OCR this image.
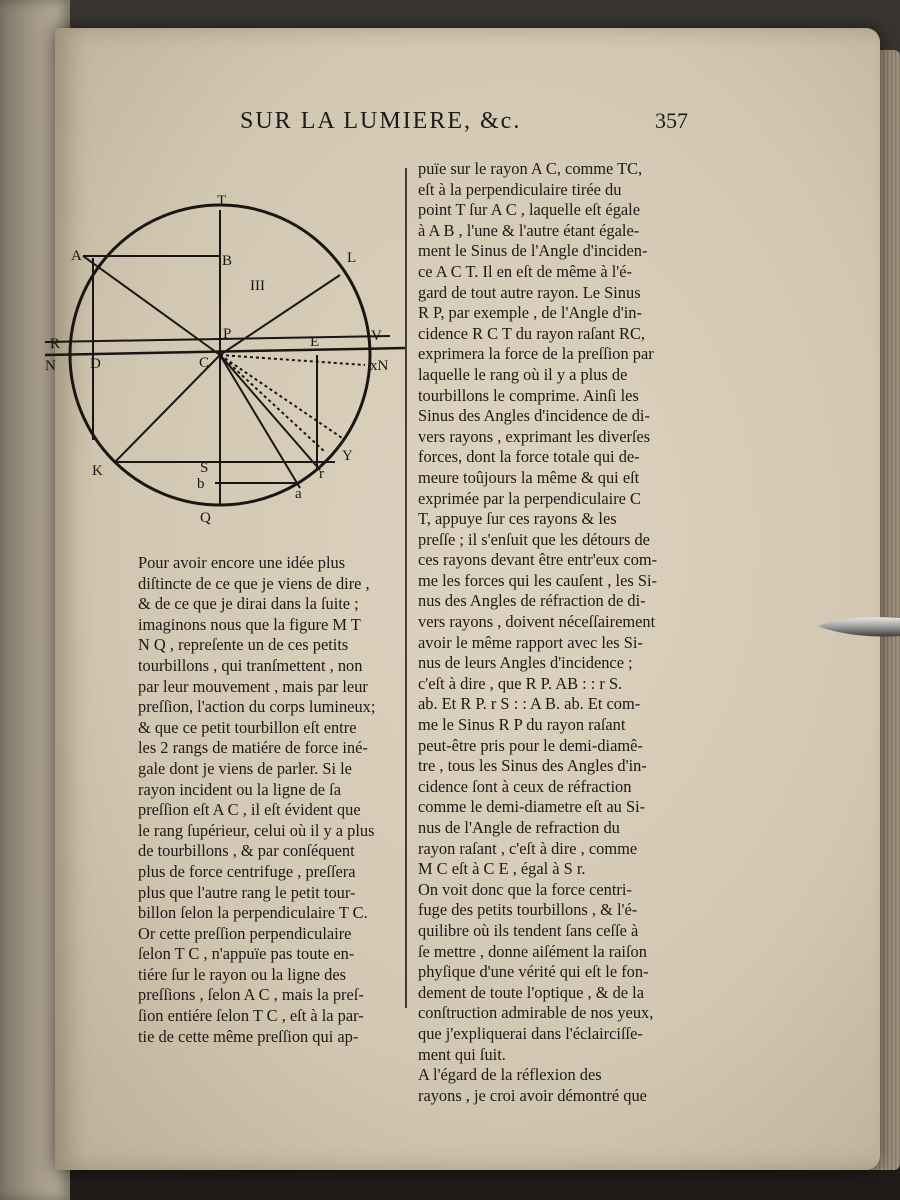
SUR LA LUMIERE, &c.	357
T
B
III
L
A
R
P	E	V
N D	C	xN
K	S
b
r
Y
a
Q
puïe sur le rayon A C, comme TC,
eſt à la perpendiculaire tirée du
point T ſur A C , laquelle eſt égale
à A B , l'une & l'autre étant égale-
ment le Sinus de l'Angle d'inciden-
ce A C T. Il en eſt de même à l'é-
gard de tout autre rayon. Le Sinus
R P, par exemple , de l'Angle d'in-
cidence R C T du rayon raſant RC,
exprimera la force de la preſſion par
laquelle le rang où il y a plus de
tourbillons le comprime. Ainſi les
Sinus des Angles d'incidence de di-
vers rayons , exprimant les diverſes
forces, dont la force totale qui de-
meure toûjours la même & qui eſt
exprimée par la perpendiculaire C
T, appuye ſur ces rayons & les
preſſe ; il s'enſuit que les détours de
ces rayons devant être entr'eux com-
me les forces qui les cauſent , les Si-
nus des Angles de réfraction de di-
vers rayons , doivent néceſſairement
avoir le même rapport avec les Si-
nus de leurs Angles d'incidence ;
c'eſt à dire , que R P. AB : : r S.
ab. Et R P. r S : : A B. ab. Et com-
me le Sinus R P du rayon raſant
peut-être pris pour le demi-diamê-
tre , tous les Sinus des Angles d'in-
cidence ſont à ceux de réfraction
comme le demi-diametre eſt au Si-
nus de l'Angle de refraction du
rayon raſant , c'eſt à dire , comme
M C eſt à C E , égal à S r.
On voit donc que la force centri-
fuge des petits tourbillons , & l'é-
quilibre où ils tendent ſans ceſſe à
ſe mettre , donne aiſément la raiſon
phyſique d'une vérité qui eſt le fon-
dement de toute l'optique , & de la
conſtruction admirable de nos yeux,
que j'expliquerai dans l'éclairciſſe-
ment qui ſuit.
A l'égard de la réflexion des
rayons , je croi avoir démontré que
Pour avoir encore une idée plus
diſtincte de ce que je viens de dire ,
& de ce que je dirai dans la ſuite ;
imaginons nous que la figure M T
N Q , repreſente un de ces petits
tourbillons , qui tranſmettent , non
par leur mouvement , mais par leur
preſſion, l'action du corps lumineux;
& que ce petit tourbillon eſt entre
les 2 rangs de matiére de force iné-
gale dont je viens de parler. Si le
rayon incident ou la ligne de ſa
preſſion eſt A C , il eſt évident que
le rang ſupérieur, celui où il y a plus
de tourbillons , & par conſéquent
plus de force centrifuge , preſſera
plus que l'autre rang le petit tour-
billon ſelon la perpendiculaire T C.
Or cette preſſion perpendiculaire
ſelon T C , n'appuïe pas toute en-
tiére ſur le rayon ou la ligne des
preſſions , ſelon A C , mais la preſ-
ſion entiére ſelon T C , eſt à la par-
tie de cette même preſſion qui ap-
